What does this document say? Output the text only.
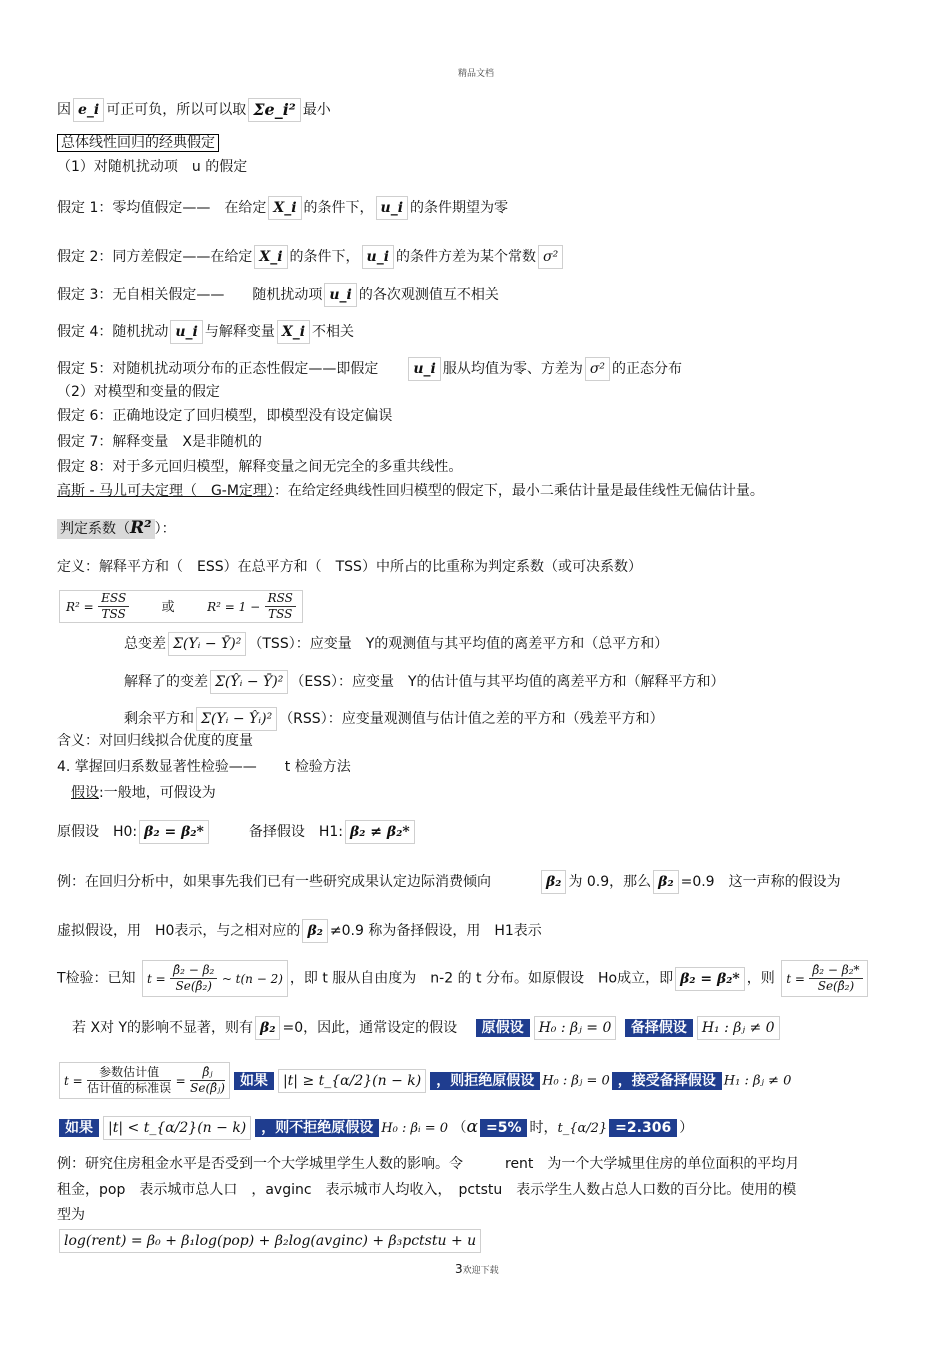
精品文档
因 e_i 可正可负，所以可以取 Σe_i² 最小
总体线性回归的经典假定
（1）对随机扰动项　u 的假定
假定 1：零均值假定——　在给定 X_i 的条件下， u_i 的条件期望为零
假定 2：同方差假定——在给定 X_i 的条件下， u_i 的条件方差为某个常数 σ²
假定 3：无自相关假定——　　随机扰动项 u_i 的各次观测值互不相关
假定 4：随机扰动 u_i 与解释变量 X_i 不相关
假定 5：对随机扰动项分布的正态性假定——即假定	u_i 服从均值为零、方差为 σ² 的正态分布
（2）对模型和变量的假定
假定 6：正确地设定了回归模型，即模型没有设定偏误
假定 7：解释变量　X是非随机的
假定 8：对于多元回归模型，解释变量之间无完全的多重共线性。
高斯 - 马儿可夫定理（　G-M定理）：在给定经典线性回归模型的假定下，最小二乘估计量是最佳线性无偏估计量。
判定系数（R² ）：
定义：解释平方和（　ESS）在总平方和（　TSS）中所占的比重称为判定系数（或可决系数）
$R^2 = \frac{\text{ESS}}{\text{TSS}}$ 或	$R^2 = 1 - \frac{\text{RSS}}{\text{TSS}}$
总变差 Σ(Yᵢ − Ȳ)² （TSS）：应变量　Y的观测值与其平均值的离差平方和（总平方和）
解释了的变差 Σ(Ŷᵢ − Ȳ)² （ESS）：应变量　Y的估计值与其平均值的离差平方和（解释平方和）
剩余平方和 Σ(Yᵢ − Ŷᵢ)² （RSS）：应变量观测值与估计值之差的平方和（残差平方和）
含义：对回归线拟合优度的度量
4. 掌握回归系数显著性检验——　　t 检验方法
假设:一般地，可假设为
原假设　H0: β₂ = β₂*	备择假设　H1: β₂ ≠ β₂*
例：在回归分析中，如果事先我们已有一些研究成果认定边际消费倾向	β₂ 为 0.9，那么 β₂ =0.9　这一声称的假设为
虚拟假设，用　H0表示，与之相对应的 β₂ ≠0.9 称为备择假设，用　H1表示
T检验：已知 $t = \frac{\text{β̂₂ − β₂}}{\text{Se(β̂₂)}}$ ~ t(n − 2) ，即 t 服从自由度为　n-2 的 t 分布。如原假设　Ho成立，即 β₂ = β₂* ，则 $t = \frac{\text{β̂₂ − β₂*}}{\text{Se(β̂₂)}}$
若 X对 Y的影响不显著，则有 β₂ =0，因此，通常设定的假设 原假设 H₀ : βⱼ = 0 备择假设 H₁ : βⱼ ≠ 0
$t = \frac{\text{参数估计值}}{\text{估计值的标准误}} = \frac{\text{β̂ⱼ}}{\text{Se(β̂ⱼ)}}$ 如果 |t| ≥ t_{α/2}(n − k) ，则拒绝原假设 H₀ : βⱼ = 0 ，接受备择假设 H₁ : βⱼ ≠ 0
如果 |t| < t_{α/2}(n − k) ，则不拒绝原假设 H₀ : βᵢ = 0 （α =5% 时，t_{α/2} =2.306 ）
例：研究住房租金水平是否受到一个大学城里学生人数的影响。令　　　rent　为一个大学城里住房的单位面积的平均月
租金，pop　表示城市总人口　，avginc　表示城市人均收入，　pctstu　表示学生人数占总人口数的百分比。使用的模
型为
log(rent) = β₀ + β₁log(pop) + β₂log(avginc) + β₃pctstu + u
3欢迎下载
